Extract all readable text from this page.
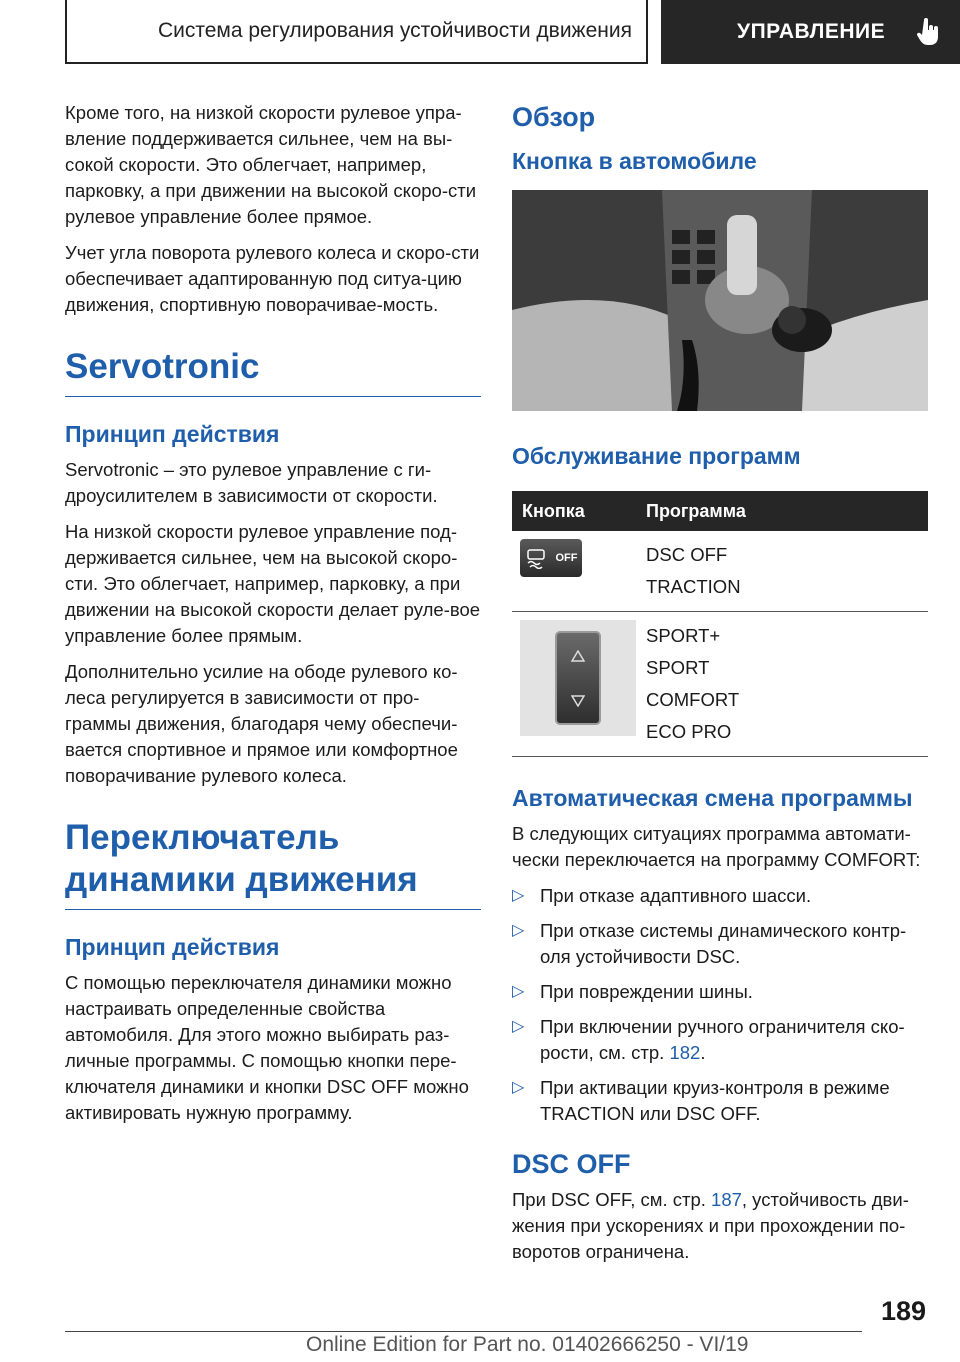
Система регулирования устойчивости движения	УПРАВЛЕНИЕ

Кроме того, на низкой скорости рулевое упра-вление поддерживается сильнее, чем на вы-сокой скорости. Это облегчает, например, парковку, а при движении на высокой скоро-сти рулевое управление более прямое.

Учет угла поворота рулевого колеса и скоро-сти обеспечивает адаптированную под ситуа-цию движения, спортивную поворачивае-мость.

Servotronic
Принцип действия

Servotronic – это рулевое управление с ги-дроусилителем в зависимости от скорости.

На низкой скорости рулевое управление под-держивается сильнее, чем на высокой скоро-сти. Это облегчает, например, парковку, а при движении на высокой скорости делает руле-вое управление более прямым.

Дополнительно усилие на ободе рулевого ко-леса регулируется в зависимости от про-граммы движения, благодаря чему обеспечи-вается спортивное и прямое или комфортное поворачивание рулевого колеса.

Переключатель динамики движения
Принцип действия

С помощью переключателя динамики можно настраивать определенные свойства автомобиля. Для этого можно выбирать раз-личные программы. С помощью кнопки пере-ключателя динамики и кнопки DSC OFF можно активировать нужную программу.

Обзор
Кнопка в автомобиле
Обслуживание программ
Кнопка	Программа

OFF	DSC OFF
TRACTION

SPORT+
SPORT
COMFORT
ECO PRO
Автоматическая смена программы

В следующих ситуациях программа автомати-чески переключается на программу COMFORT:

▷ При отказе адаптивного шасси.
▷ При отказе системы динамического контр-оля устойчивости DSC.
▷ При повреждении шины.
▷ При включении ручного ограничителя ско-рости, см. стр. 182.
▷ При активации круиз-контроля в режиме TRACTION или DSC OFF.
DSC OFF

При DSC OFF, см. стр. 187, устойчивость дви-жения при ускорениях и при прохождении по-воротов ограничена.

189
Online Edition for Part no. 01402666250 - VI/19
